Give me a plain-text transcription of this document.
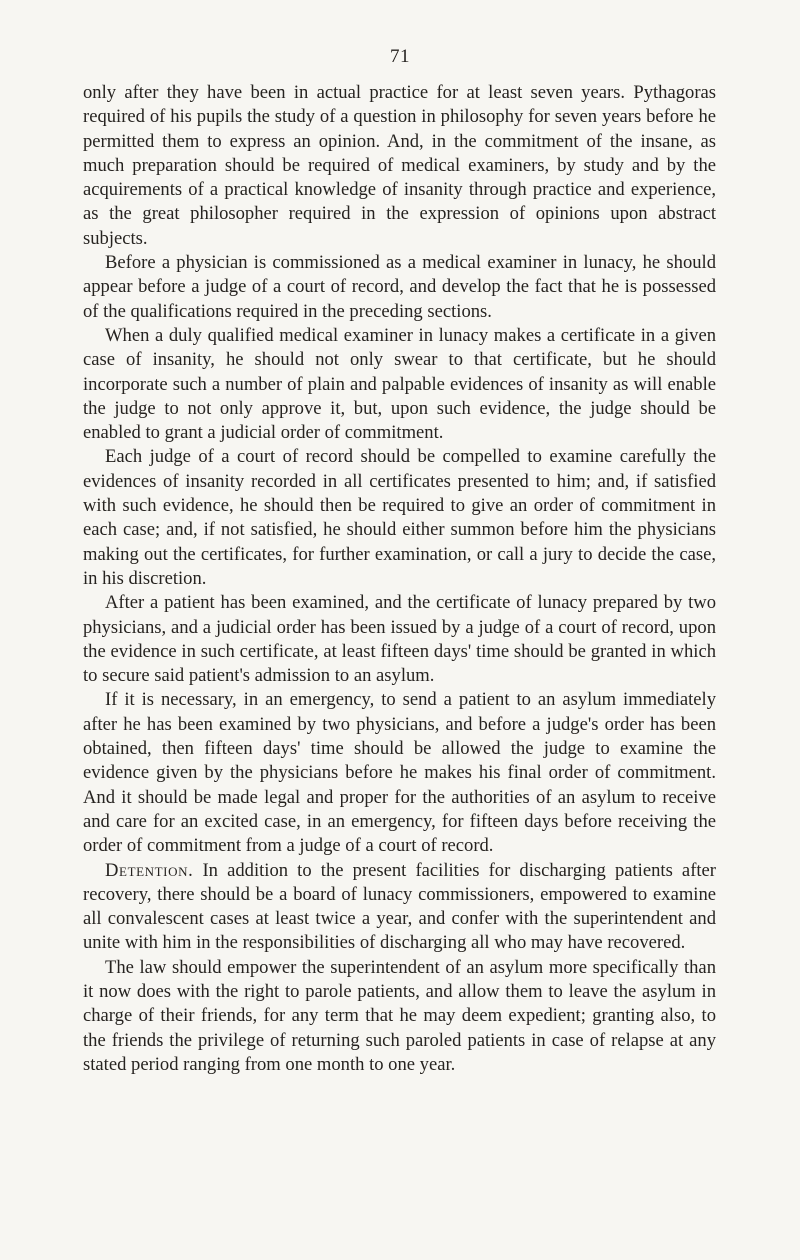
71

only after they have been in actual practice for at least seven years. Pythagoras required of his pupils the study of a question in philosophy for seven years before he permitted them to express an opinion. And, in the commitment of the insane, as much preparation should be required of medical examiners, by study and by the acquirements of a practical knowledge of insanity through practice and experience, as the great philosopher required in the expression of opinions upon abstract subjects.

Before a physician is commissioned as a medical examiner in lunacy, he should appear before a judge of a court of record, and develop the fact that he is possessed of the qualifications required in the preceding sections.

When a duly qualified medical examiner in lunacy makes a certificate in a given case of insanity, he should not only swear to that certificate, but he should incorporate such a number of plain and palpable evidences of insanity as will enable the judge to not only approve it, but, upon such evidence, the judge should be enabled to grant a judicial order of commitment.

Each judge of a court of record should be compelled to examine carefully the evidences of insanity recorded in all certificates presented to him; and, if satisfied with such evidence, he should then be required to give an order of commitment in each case; and, if not satisfied, he should either summon before him the physicians making out the certificates, for further examination, or call a jury to decide the case, in his discretion.

After a patient has been examined, and the certificate of lunacy prepared by two physicians, and a judicial order has been issued by a judge of a court of record, upon the evidence in such certificate, at least fifteen days' time should be granted in which to secure said patient's admission to an asylum.

If it is necessary, in an emergency, to send a patient to an asylum immediately after he has been examined by two physicians, and before a judge's order has been obtained, then fifteen days' time should be allowed the judge to examine the evidence given by the physicians before he makes his final order of commitment. And it should be made legal and proper for the authorities of an asylum to receive and care for an excited case, in an emergency, for fifteen days before receiving the order of commitment from a judge of a court of record.

Detention. In addition to the present facilities for discharging patients after recovery, there should be a board of lunacy commissioners, empowered to examine all convalescent cases at least twice a year, and confer with the superintendent and unite with him in the responsibilities of discharging all who may have recovered.

The law should empower the superintendent of an asylum more specifically than it now does with the right to parole patients, and allow them to leave the asylum in charge of their friends, for any term that he may deem expedient; granting also, to the friends the privilege of returning such paroled patients in case of relapse at any stated period ranging from one month to one year.
